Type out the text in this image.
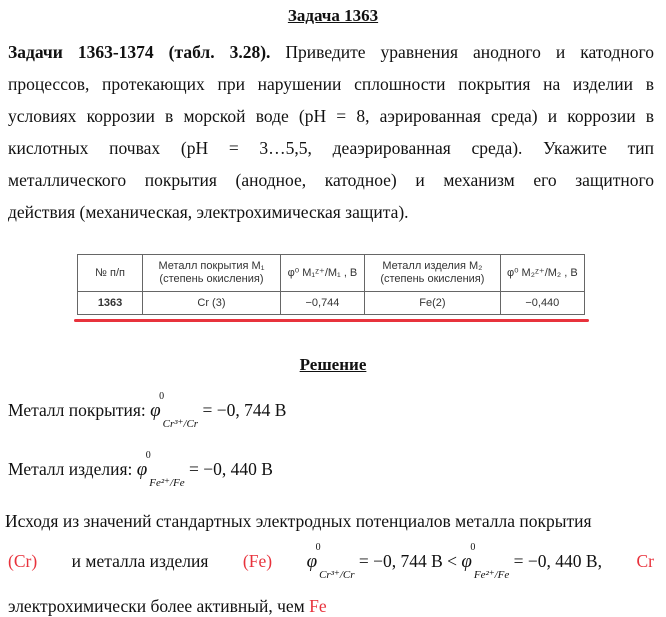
Задача 1363
Задачи 1363-1374 (табл. 3.28). Приведите уравнения анодного и катодного
процессов, протекающих при нарушении сплошности покрытия на изделии в
условиях коррозии в морской воде (pH = 8, аэрированная среда) и коррозии в
кислотных почвах (pH = 3…5,5, деаэрированная среда). Укажите тип
металлического покрытия (анодное, катодное) и механизм его защитного
действия (механическая, электрохимическая защита).
№ п/п	Металл покрытия M₁ (степень окисления)	φ⁰ M₁ᶻ⁺/M₁ , B	Металл изделия M₂ (степень окисления)	φ⁰ M₂ᶻ⁺/M₂ , B
1363	Cr (3)	−0,744	Fe(2)	−0,440
Решение
Металл покрытия: φ
0
$_{Cr^{3+}/Cr}$ = −0, 744 В
Металл изделия: φ
0
$_{Fe^{2+}/Fe}$ = −0, 440 В
Исходя из значений стандартных электродных потенциалов металла покрытия
(Cr) и металла изделия (Fe) φ
0
$_{Cr^{3+}/Cr}$ = −0, 744 В < φ
0
$_{Fe^{2+}/Fe}$ = −0, 440 В, Cr
электрохимически более активный, чем Fe
